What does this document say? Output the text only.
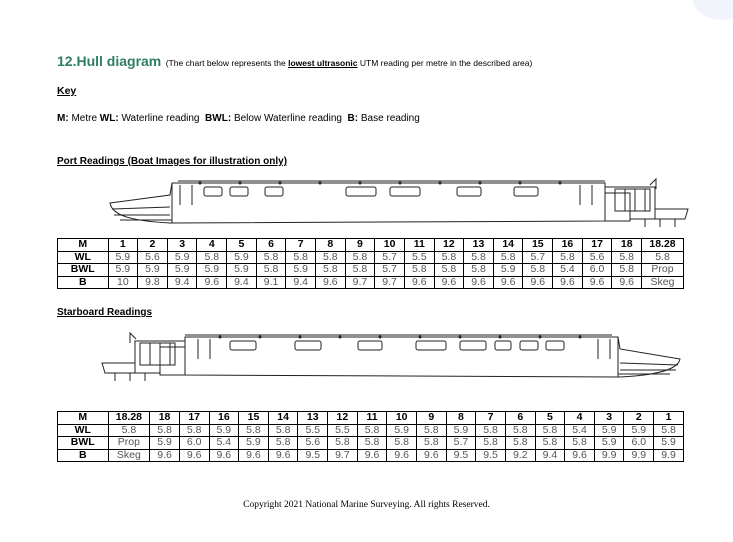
12.Hull diagram (The chart below represents the lowest ultrasonic UTM reading per metre in the described area)
Key
M: Metre WL: Waterline reading BWL: Below Waterline reading B: Base reading
Port Readings (Boat Images for illustration only)
M	1	2	3	4	5	6	7	8	9	10	11	12	13	14	15	16	17	18	18.28
WL	5.9	5.6	5.9	5.8	5.9	5.8	5.8	5.8	5.8	5.7	5.5	5.8	5.8	5.8	5.7	5.8	5.6	5.8	5.8
BWL	5.9	5.9	5.9	5.9	5.9	5.8	5.9	5.8	5.8	5.7	5.8	5.8	5.8	5.9	5.8	5.4	6.0	5.8	Prop
B	10	9.8	9.4	9.6	9.4	9.1	9.4	9.6	9.7	9.7	9.6	9.6	9.6	9.6	9.6	9.6	9.6	9.6	Skeg
Starboard Readings
M	18.28	18	17	16	15	14	13	12	11	10	9	8	7	6	5	4	3	2	1
WL	5.8	5.8	5.8	5.9	5.8	5.8	5.5	5.5	5.8	5.9	5.8	5.9	5.8	5.8	5.8	5.4	5.9	5.9	5.8
BWL	Prop	5.9	6.0	5.4	5.9	5.8	5.6	5.8	5.8	5.8	5.8	5.7	5.8	5.8	5.8	5.8	5.9	6.0	5.9
B	Skeg	9.6	9.6	9.6	9.6	9.6	9.5	9.7	9.6	9.6	9.6	9.5	9.5	9.2	9.4	9.6	9.9	9.9	9.9
Copyright 2021 National Marine Surveying. All rights Reserved.
